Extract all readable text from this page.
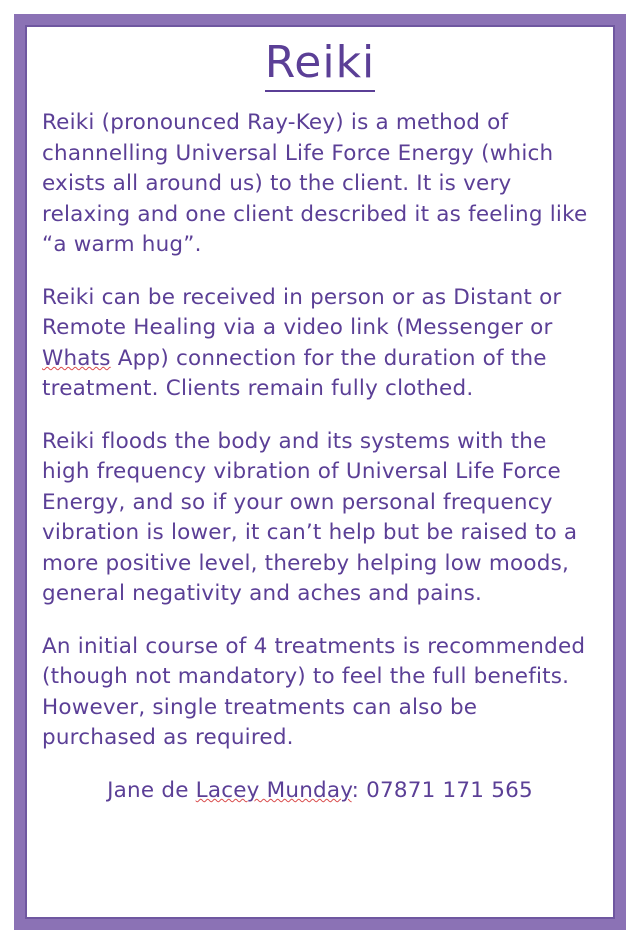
Reiki

Reiki (pronounced Ray-Key) is a method of channelling Universal Life Force Energy (which exists all around us) to the client. It is very relaxing and one client described it as feeling like “a warm hug”.

Reiki can be received in person or as Distant or Remote Healing via a video link (Messenger or Whats App) connection for the duration of the treatment. Clients remain fully clothed.

Reiki floods the body and its systems with the high frequency vibration of Universal Life Force Energy, and so if your own personal frequency vibration is lower, it can’t help but be raised to a more positive level, thereby helping low moods, general negativity and aches and pains.

An initial course of 4 treatments is recommended (though not mandatory) to feel the full benefits. However, single treatments can also be purchased as required.

Jane de Lacey Munday: 07871 171 565
